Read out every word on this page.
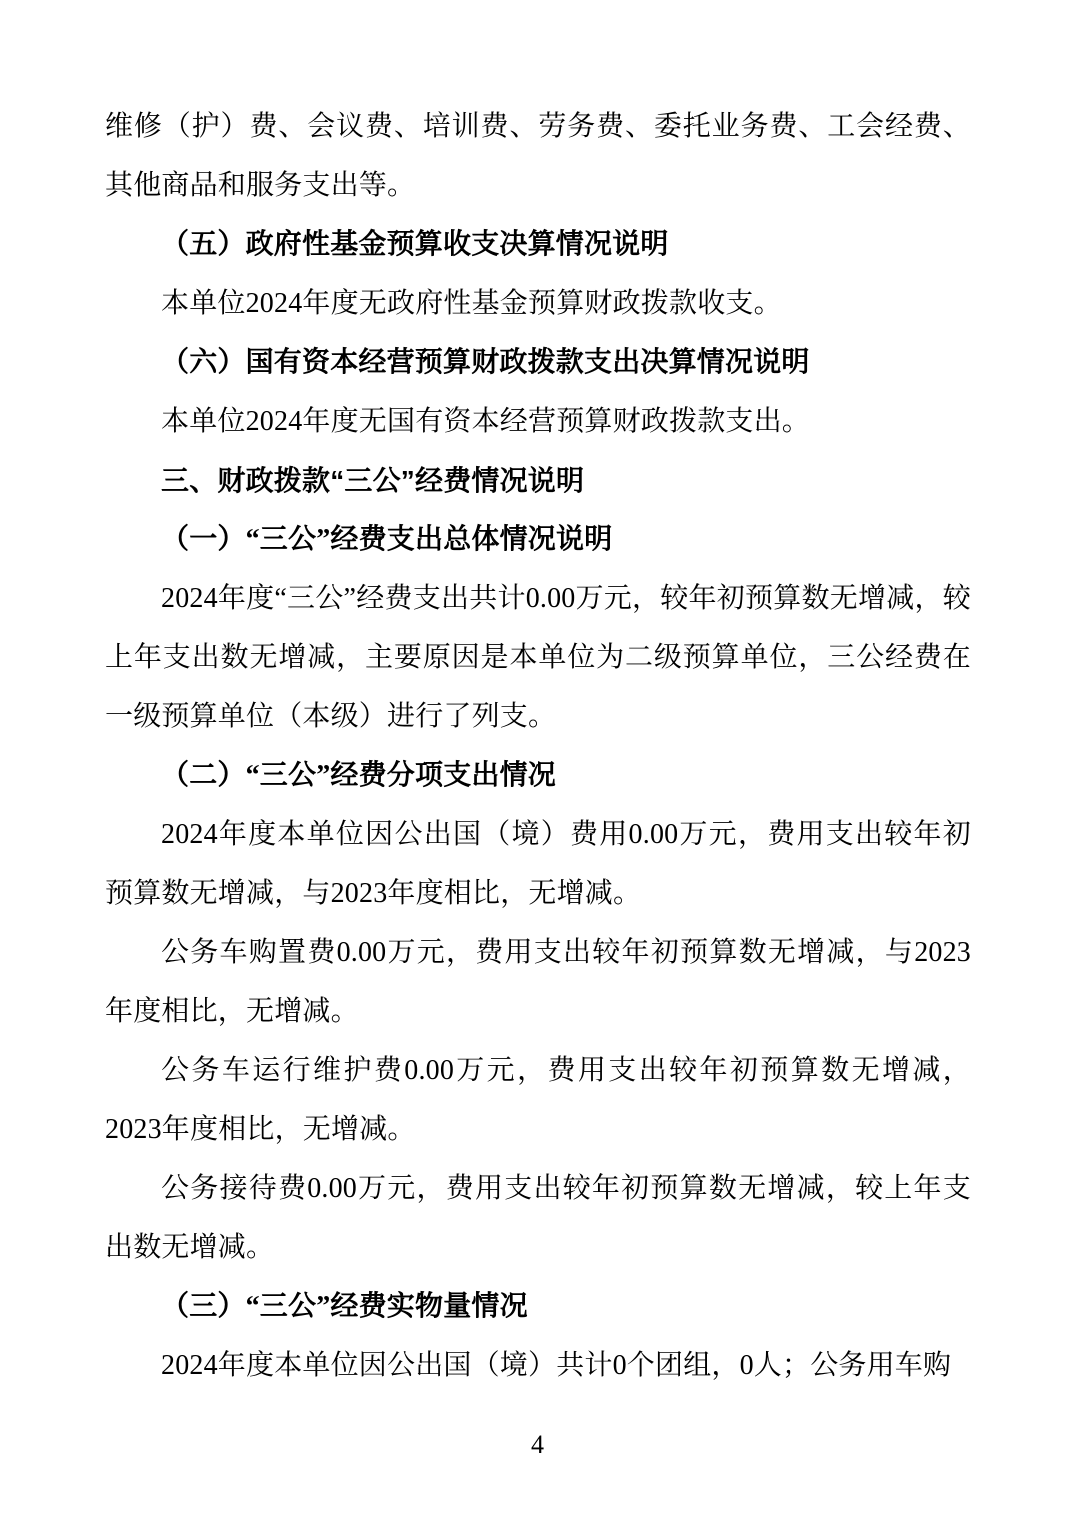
维修（护）费、会议费、培训费、劳务费、委托业务费、工会经费、其他商品和服务支出等。

（五）政府性基金预算收支决算情况说明

本单位2024年度无政府性基金预算财政拨款收支。

（六）国有资本经营预算财政拨款支出决算情况说明

本单位2024年度无国有资本经营预算财政拨款支出。

三、财政拨款“三公”经费情况说明

（一）“三公”经费支出总体情况说明

2024年度“三公”经费支出共计0.00万元，较年初预算数无增减，较上年支出数无增减，主要原因是本单位为二级预算单位，三公经费在一级预算单位（本级）进行了列支。

（二）“三公”经费分项支出情况

2024年度本单位因公出国（境）费用0.00万元，费用支出较年初预算数无增减，与2023年度相比，无增减。

公务车购置费0.00万元，费用支出较年初预算数无增减，与2023年度相比，无增减。

公务车运行维护费0.00万元，费用支出较年初预算数无增减，2023年度相比，无增减。

公务接待费0.00万元，费用支出较年初预算数无增减，较上年支出数无增减。

（三）“三公”经费实物量情况

2024年度本单位因公出国（境）共计0个团组，0人；公务用车购

4
